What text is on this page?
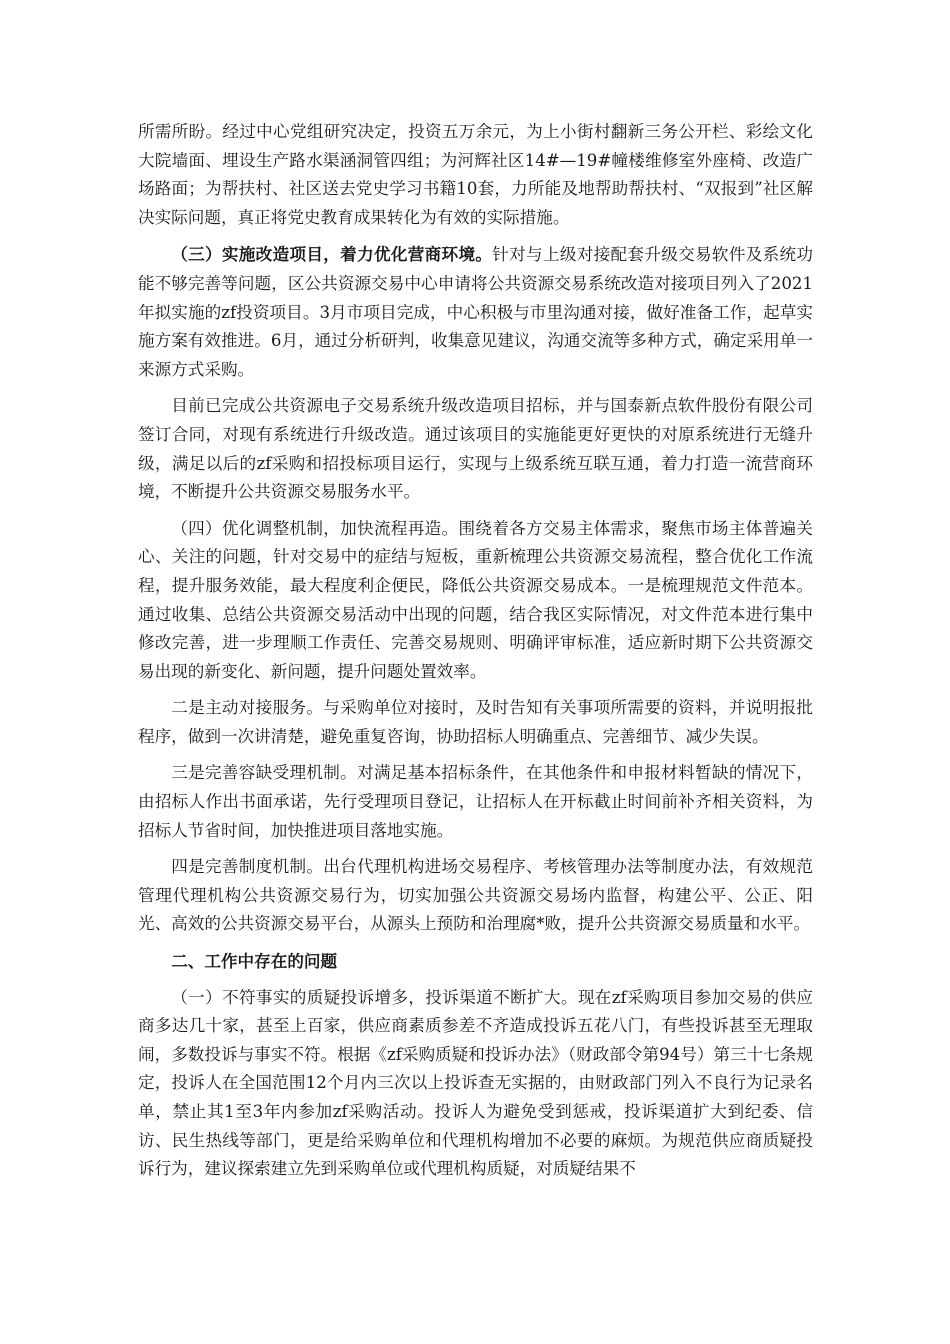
所需所盼。经过中心党组研究决定，投资五万余元，为上小街村翻新三务公开栏、彩绘文化大院墙面、埋设生产路水渠涵洞管四组；为河辉社区14#—19#幢楼维修室外座椅、改造广场路面；为帮扶村、社区送去党史学习书籍10套，力所能及地帮助帮扶村、“双报到”社区解决实际问题，真正将党史教育成果转化为有效的实际措施。

（三）实施改造项目，着力优化营商环境。针对与上级对接配套升级交易软件及系统功能不够完善等问题，区公共资源交易中心申请将公共资源交易系统改造对接项目列入了2021年拟实施的zf投资项目。3月市项目完成，中心积极与市里沟通对接，做好准备工作，起草实施方案有效推进。6月，通过分析研判，收集意见建议，沟通交流等多种方式，确定采用单一来源方式采购。

目前已完成公共资源电子交易系统升级改造项目招标，并与国泰新点软件股份有限公司签订合同，对现有系统进行升级改造。通过该项目的实施能更好更快的对原系统进行无缝升级，满足以后的zf采购和招投标项目运行，实现与上级系统互联互通，着力打造一流营商环境，不断提升公共资源交易服务水平。

（四）优化调整机制，加快流程再造。围绕着各方交易主体需求，聚焦市场主体普遍关心、关注的问题，针对交易中的症结与短板，重新梳理公共资源交易流程，整合优化工作流程，提升服务效能，最大程度利企便民，降低公共资源交易成本。一是梳理规范文件范本。通过收集、总结公共资源交易活动中出现的问题，结合我区实际情况，对文件范本进行集中修改完善，进一步理顺工作责任、完善交易规则、明确评审标准，适应新时期下公共资源交易出现的新变化、新问题，提升问题处置效率。

二是主动对接服务。与采购单位对接时，及时告知有关事项所需要的资料，并说明报批程序，做到一次讲清楚，避免重复咨询，协助招标人明确重点、完善细节、减少失误。

三是完善容缺受理机制。对满足基本招标条件，在其他条件和申报材料暂缺的情况下，由招标人作出书面承诺，先行受理项目登记，让招标人在开标截止时间前补齐相关资料，为招标人节省时间，加快推进项目落地实施。

四是完善制度机制。出台代理机构进场交易程序、考核管理办法等制度办法，有效规范管理代理机构公共资源交易行为，切实加强公共资源交易场内监督，构建公平、公正、阳光、高效的公共资源交易平台，从源头上预防和治理腐*败，提升公共资源交易质量和水平。

二、工作中存在的问题

（一）不符事实的质疑投诉增多，投诉渠道不断扩大。现在zf采购项目参加交易的供应商多达几十家，甚至上百家，供应商素质参差不齐造成投诉五花八门，有些投诉甚至无理取闹，多数投诉与事实不符。根据《zf采购质疑和投诉办法》（财政部令第94号）第三十七条规定，投诉人在全国范围12个月内三次以上投诉查无实据的，由财政部门列入不良行为记录名单，禁止其1至3年内参加zf采购活动。投诉人为避免受到惩戒，投诉渠道扩大到纪委、信访、民生热线等部门，更是给采购单位和代理机构增加不必要的麻烦。为规范供应商质疑投诉行为，建议探索建立先到采购单位或代理机构质疑，对质疑结果不
